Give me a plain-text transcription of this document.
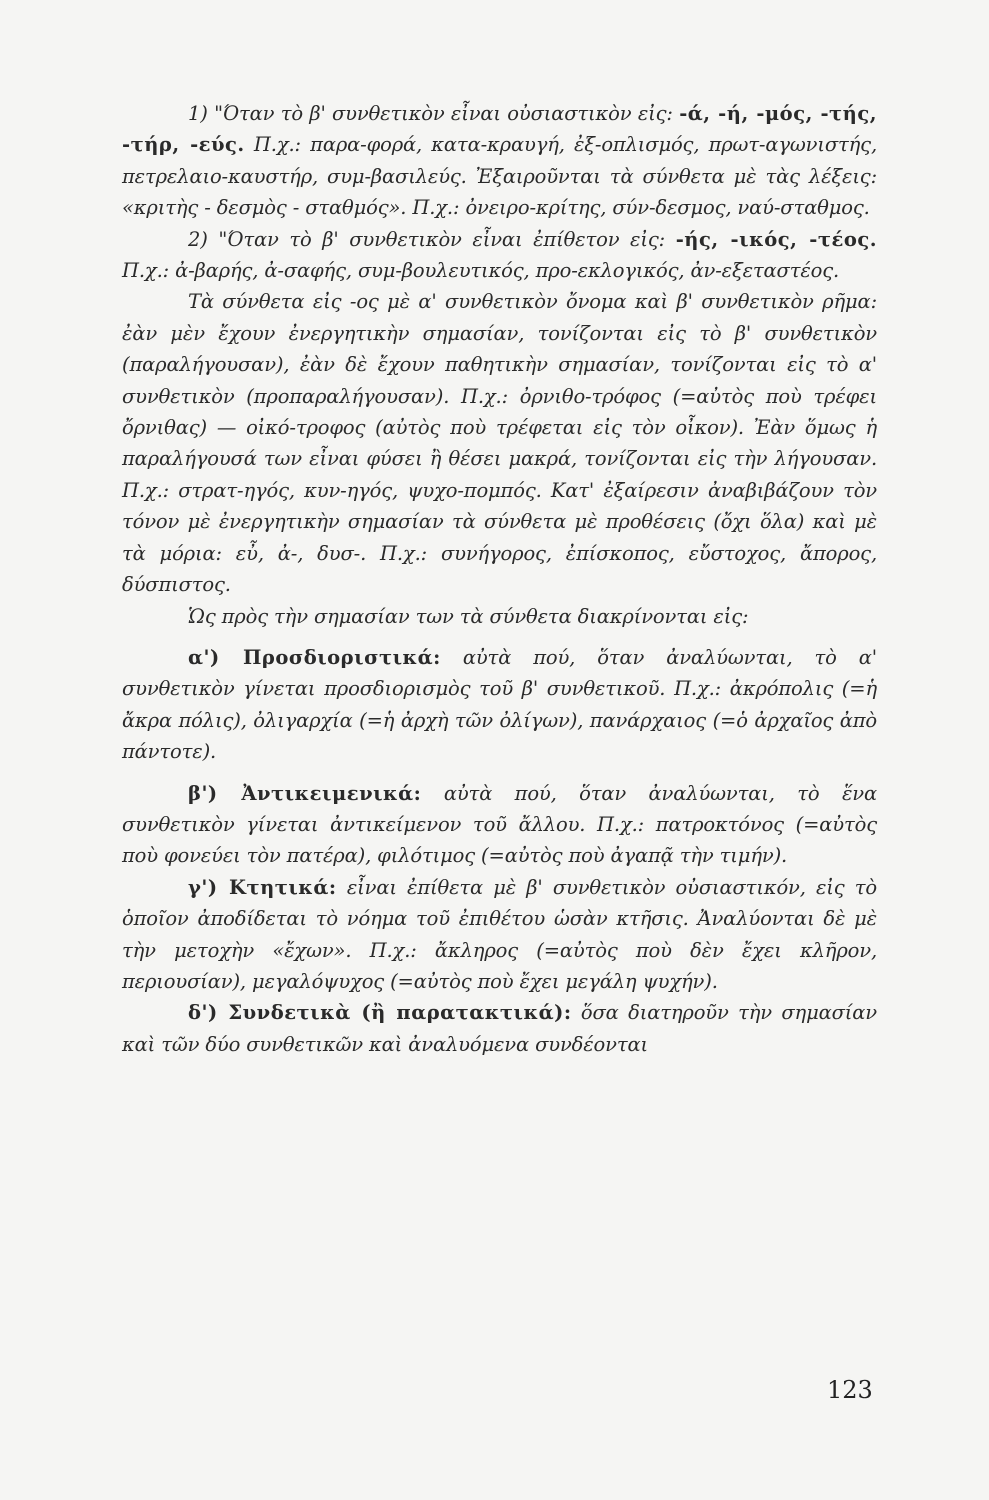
1) "Όταν τὸ β' συνθετικὸν εἶναι οὐσιαστικὸν εἰς: -ά, -ή, -μός, -τής, -τήρ, -εύς. Π.χ.: παρα-φορά, κατα-κραυγή, ἐξ-οπλισμός, πρωτ-αγωνιστής, πετρελαιο-καυστήρ, συμ-βασιλεύς. Ἐξαιροῦνται τὰ σύνθετα μὲ τὰς λέξεις: «κριτὴς - δεσμὸς - σταθμός». Π.χ.: ὀνειρο-κρίτης, σύν-δεσμος, ναύ-σταθμος.

2) "Όταν τὸ β' συνθετικὸν εἶναι ἐπίθετον εἰς: -ής, -ικός, -τέος. Π.χ.: ἀ-βαρής, ἀ-σαφής, συμ-βουλευτικός, προ-εκλογικός, ἀν-εξεταστέος.

Τὰ σύνθετα εἰς -ος μὲ α' συνθετικὸν ὄνομα καὶ β' συνθετικὸν ρῆμα: ἐὰν μὲν ἔχουν ἐνεργητικὴν σημασίαν, τονίζονται εἰς τὸ β' συνθετικὸν (παραλήγουσαν), ἐὰν δὲ ἔχουν παθητικὴν σημασίαν, τονίζονται εἰς τὸ α' συνθετικὸν (προπαραλήγουσαν). Π.χ.: ὀρνιθο-τρόφος (=αὐτὸς ποὺ τρέφει ὄρνιθας) — οἰκό-τροφος (αὐτὸς ποὺ τρέφεται εἰς τὸν οἶκον). Ἐὰν ὅμως ἡ παραλήγουσά των εἶναι φύσει ἢ θέσει μακρά, τονίζονται εἰς τὴν λήγουσαν. Π.χ.: στρατ-ηγός, κυν-ηγός, ψυχο-πομπός. Κατ' ἐξαίρεσιν ἀναβιβάζουν τὸν τόνον μὲ ἐνεργητικὴν σημασίαν τὰ σύνθετα μὲ προθέσεις (ὄχι ὅλα) καὶ μὲ τὰ μόρια: εὖ, ἀ-, δυσ-. Π.χ.: συνήγορος, ἐπίσκοπος, εὔστοχος, ἄπορος, δύσπιστος.

Ὡς πρὸς τὴν σημασίαν των τὰ σύνθετα διακρίνονται εἰς:

α') Προσδιοριστικά: αὐτὰ πού, ὅταν ἀναλύωνται, τὸ α' συνθετικὸν γίνεται προσδιορισμὸς τοῦ β' συνθετικοῦ. Π.χ.: ἀκρόπολις (=ἡ ἄκρα πόλις), ὀλιγαρχία (=ἡ ἀρχὴ τῶν ὀλίγων), πανάρχαιος (=ὁ ἀρχαῖος ἀπὸ πάντοτε).

β') Ἀντικειμενικά: αὐτὰ πού, ὅταν ἀναλύωνται, τὸ ἕνα συνθετικὸν γίνεται ἀντικείμενον τοῦ ἄλλου. Π.χ.: πατροκτόνος (=αὐτὸς ποὺ φονεύει τὸν πατέρα), φιλότιμος (=αὐτὸς ποὺ ἀγαπᾷ τὴν τιμήν).

γ') Κτητικά: εἶναι ἐπίθετα μὲ β' συνθετικὸν οὐσιαστικόν, εἰς τὸ ὁποῖον ἀποδίδεται τὸ νόημα τοῦ ἐπιθέτου ὡσὰν κτῆσις. Ἀναλύονται δὲ μὲ τὴν μετοχὴν «ἔχων». Π.χ.: ἄκληρος (=αὐτὸς ποὺ δὲν ἔχει κλῆρον, περιουσίαν), μεγαλόψυχος (=αὐτὸς ποὺ ἔχει μεγάλη ψυχήν).

δ') Συνδετικὰ (ἢ παρατακτικά): ὅσα διατηροῦν τὴν σημασίαν καὶ τῶν δύο συνθετικῶν καὶ ἀναλυόμενα συνδέονται

123
